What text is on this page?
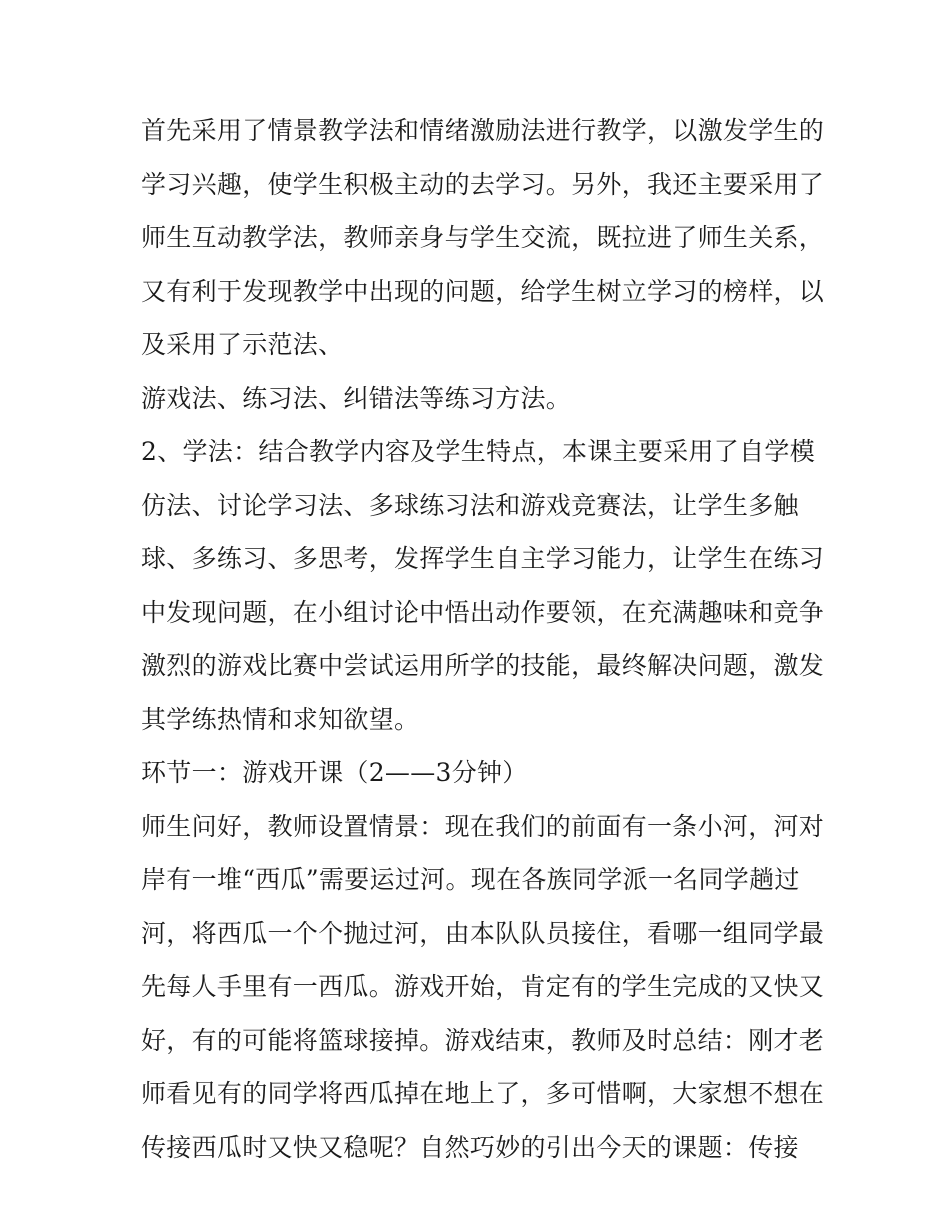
首先采用了情景教学法和情绪激励法进行教学，以激发学生的
学习兴趣，使学生积极主动的去学习。另外，我还主要采用了
师生互动教学法，教师亲身与学生交流，既拉进了师生关系，
又有利于发现教学中出现的问题，给学生树立学习的榜样，以
及采用了示范法、
游戏法、练习法、纠错法等练习方法。
2、学法：结合教学内容及学生特点，本课主要采用了自学模
仿法、讨论学习法、多球练习法和游戏竞赛法，让学生多触
球、多练习、多思考，发挥学生自主学习能力，让学生在练习
中发现问题，在小组讨论中悟出动作要领，在充满趣味和竞争
激烈的游戏比赛中尝试运用所学的技能，最终解决问题，激发
其学练热情和求知欲望。
环节一：游戏开课（2——3分钟）
师生问好，教师设置情景：现在我们的前面有一条小河，河对
岸有一堆“西瓜”需要运过河。现在各族同学派一名同学趟过
河，将西瓜一个个抛过河，由本队队员接住，看哪一组同学最
先每人手里有一西瓜。游戏开始，肯定有的学生完成的又快又
好，有的可能将篮球接掉。游戏结束，教师及时总结：刚才老
师看见有的同学将西瓜掉在地上了，多可惜啊，大家想不想在
传接西瓜时又快又稳呢？自然巧妙的引出今天的课题：传接
